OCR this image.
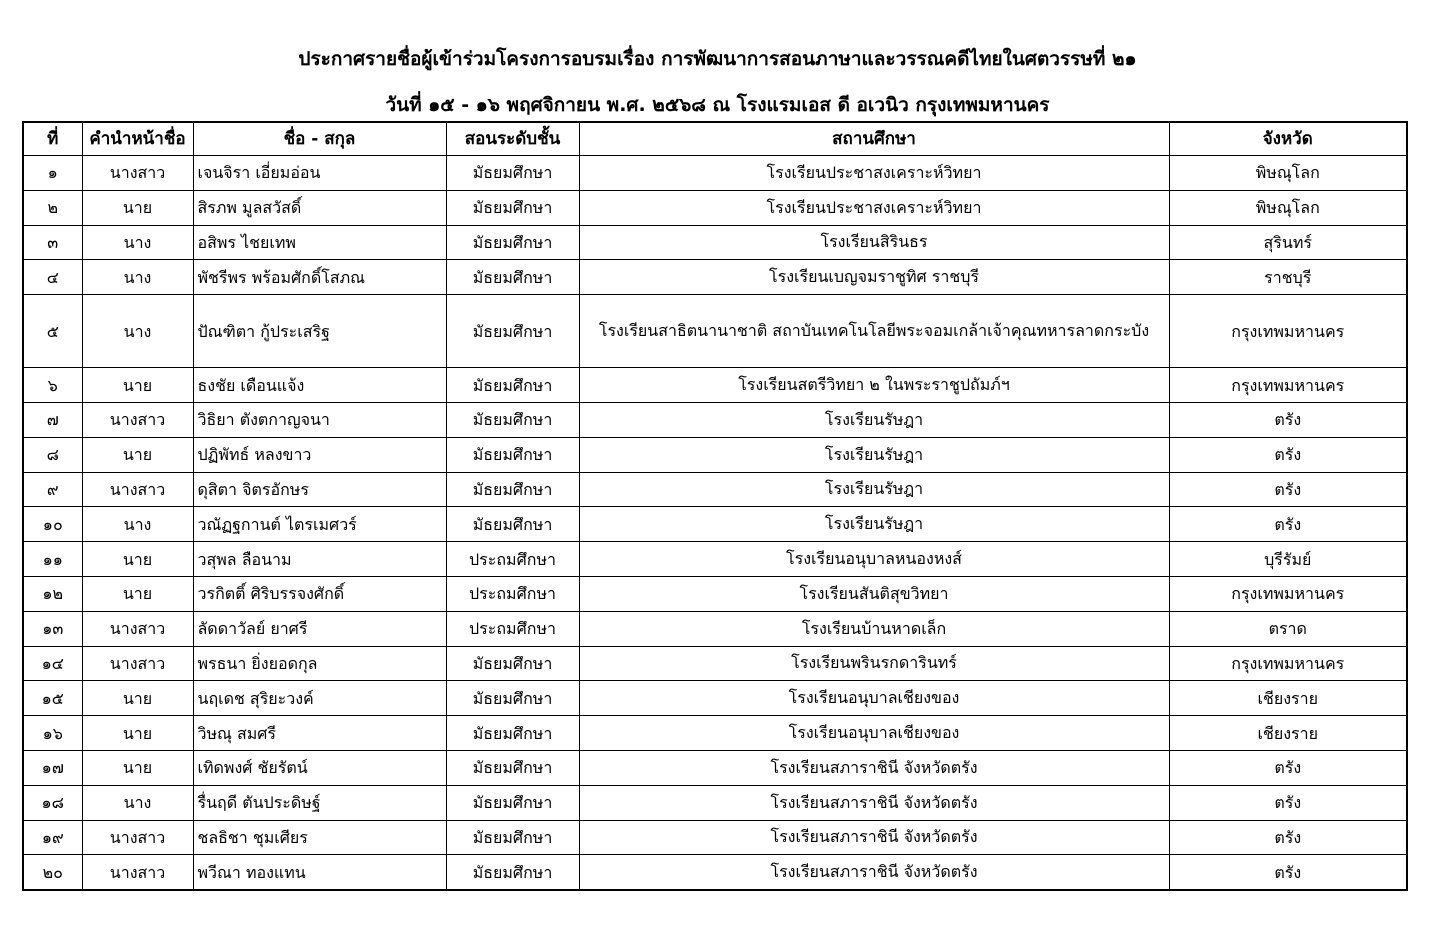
ประกาศรายชื่อผู้เข้าร่วมโครงการอบรมเรื่อง การพัฒนาการสอนภาษาและวรรณคดีไทยในศตวรรษที่ ๒๑
วันที่ ๑๕ - ๑๖ พฤศจิกายน พ.ศ. ๒๕๖๘ ณ โรงแรมเอส ดี อเวนิว กรุงเทพมหานคร
ที่	คำนำหน้าชื่อ	ชื่อ - สกุล	สอนระดับชั้น	สถานศึกษา	จังหวัด
๑	นางสาว	เจนจิรา เอี่ยมอ่อน	มัธยมศึกษา	โรงเรียนประชาสงเคราะห์วิทยา	พิษณุโลก
๒	นาย	สิรภพ มูลสวัสดิ์	มัธยมศึกษา	โรงเรียนประชาสงเคราะห์วิทยา	พิษณุโลก
๓	นาง	อสิพร ไชยเทพ	มัธยมศึกษา	โรงเรียนสิรินธร	สุรินทร์
๔	นาง	พัชรีพร พร้อมศักดิ์โสภณ	มัธยมศึกษา	โรงเรียนเบญจมราชูทิศ ราชบุรี	ราชบุรี
๕	นาง	ปัณฑิตา กู้ประเสริฐ	มัธยมศึกษา	โรงเรียนสาธิตนานาชาติ สถาบันเทคโนโลยีพระจอมเกล้าเจ้าคุณทหารลาดกระบัง	กรุงเทพมหานคร
๖	นาย	ธงชัย เดือนแจ้ง	มัธยมศึกษา	โรงเรียนสตรีวิทยา ๒ ในพระราชูปถัมภ์ฯ	กรุงเทพมหานคร
๗	นางสาว	วิธิยา ตังตกาญจนา	มัธยมศึกษา	โรงเรียนรัษฎา	ตรัง
๘	นาย	ปฏิพัทธ์ หลงขาว	มัธยมศึกษา	โรงเรียนรัษฎา	ตรัง
๙	นางสาว	ดุสิตา จิตรอักษร	มัธยมศึกษา	โรงเรียนรัษฎา	ตรัง
๑๐	นาง	วณัฏฐกานต์ ไตรเมศวร์	มัธยมศึกษา	โรงเรียนรัษฎา	ตรัง
๑๑	นาย	วสุพล ลือนาม	ประถมศึกษา	โรงเรียนอนุบาลหนองหงส์	บุรีรัมย์
๑๒	นาย	วรกิตติ์ ศิริบรรจงศักดิ์	ประถมศึกษา	โรงเรียนสันติสุขวิทยา	กรุงเทพมหานคร
๑๓	นางสาว	ลัดดาวัลย์ ยาศรี	ประถมศึกษา	โรงเรียนบ้านหาดเล็ก	ตราด
๑๔	นางสาว	พรธนา ยิ่งยอดกุล	มัธยมศึกษา	โรงเรียนพรินรกดารินทร์	กรุงเทพมหานคร
๑๕	นาย	นฤเดช สุริยะวงค์	มัธยมศึกษา	โรงเรียนอนุบาลเชียงของ	เชียงราย
๑๖	นาย	วิษณุ สมศรี	มัธยมศึกษา	โรงเรียนอนุบาลเชียงของ	เชียงราย
๑๗	นาย	เทิดพงศ์ ชัยรัตน์	มัธยมศึกษา	โรงเรียนสภาราชินี จังหวัดตรัง	ตรัง
๑๘	นาง	รื่นฤดี ตันประดิษฐ์	มัธยมศึกษา	โรงเรียนสภาราชินี จังหวัดตรัง	ตรัง
๑๙	นางสาว	ชลธิชา ชุมเศียร	มัธยมศึกษา	โรงเรียนสภาราชินี จังหวัดตรัง	ตรัง
๒๐	นางสาว	พวีณา ทองแทน	มัธยมศึกษา	โรงเรียนสภาราชินี จังหวัดตรัง	ตรัง
